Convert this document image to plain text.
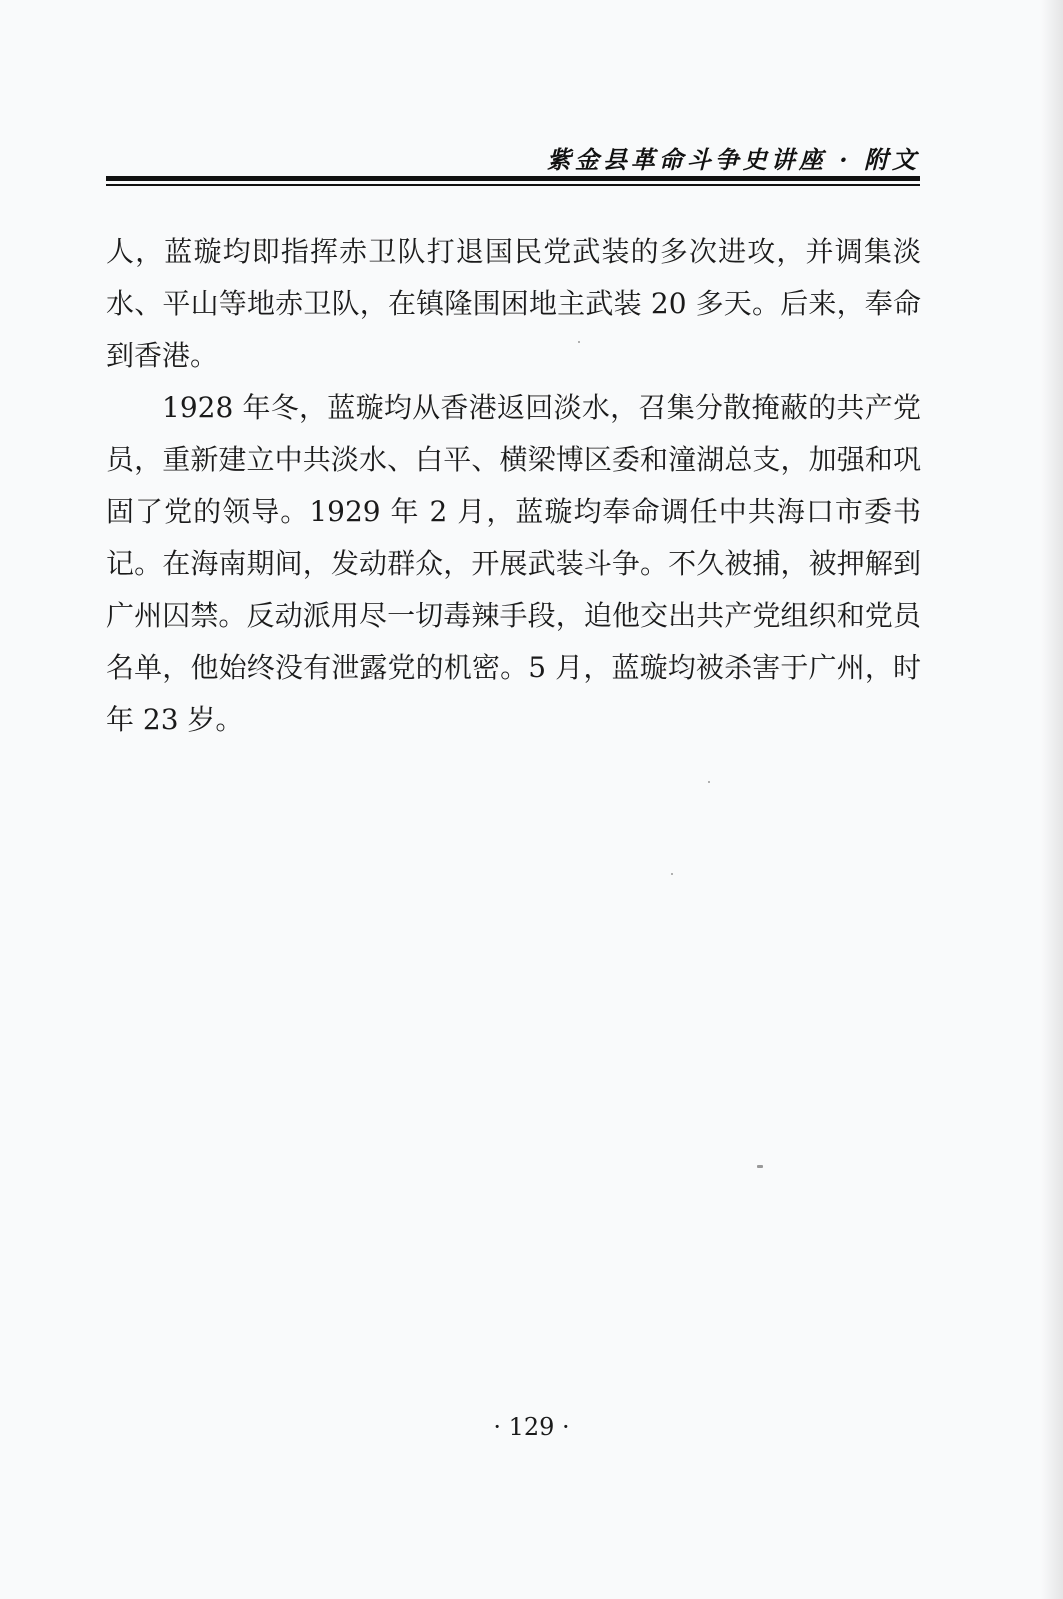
紫金县革命斗争史讲座 · 附文

人，蓝璇均即指挥赤卫队打退国民党武装的多次进攻，并调集淡水、平山等地赤卫队，在镇隆围困地主武装 20 多天。后来，奉命到香港。

1928 年冬，蓝璇均从香港返回淡水，召集分散掩蔽的共产党员，重新建立中共淡水、白平、横梁博区委和潼湖总支，加强和巩固了党的领导。1929 年 2 月，蓝璇均奉命调任中共海口市委书记。在海南期间，发动群众，开展武装斗争。不久被捕，被押解到广州囚禁。反动派用尽一切毒辣手段，迫他交出共产党组织和党员名单，他始终没有泄露党的机密。5 月，蓝璇均被杀害于广州，时年 23 岁。

· 129 ·
